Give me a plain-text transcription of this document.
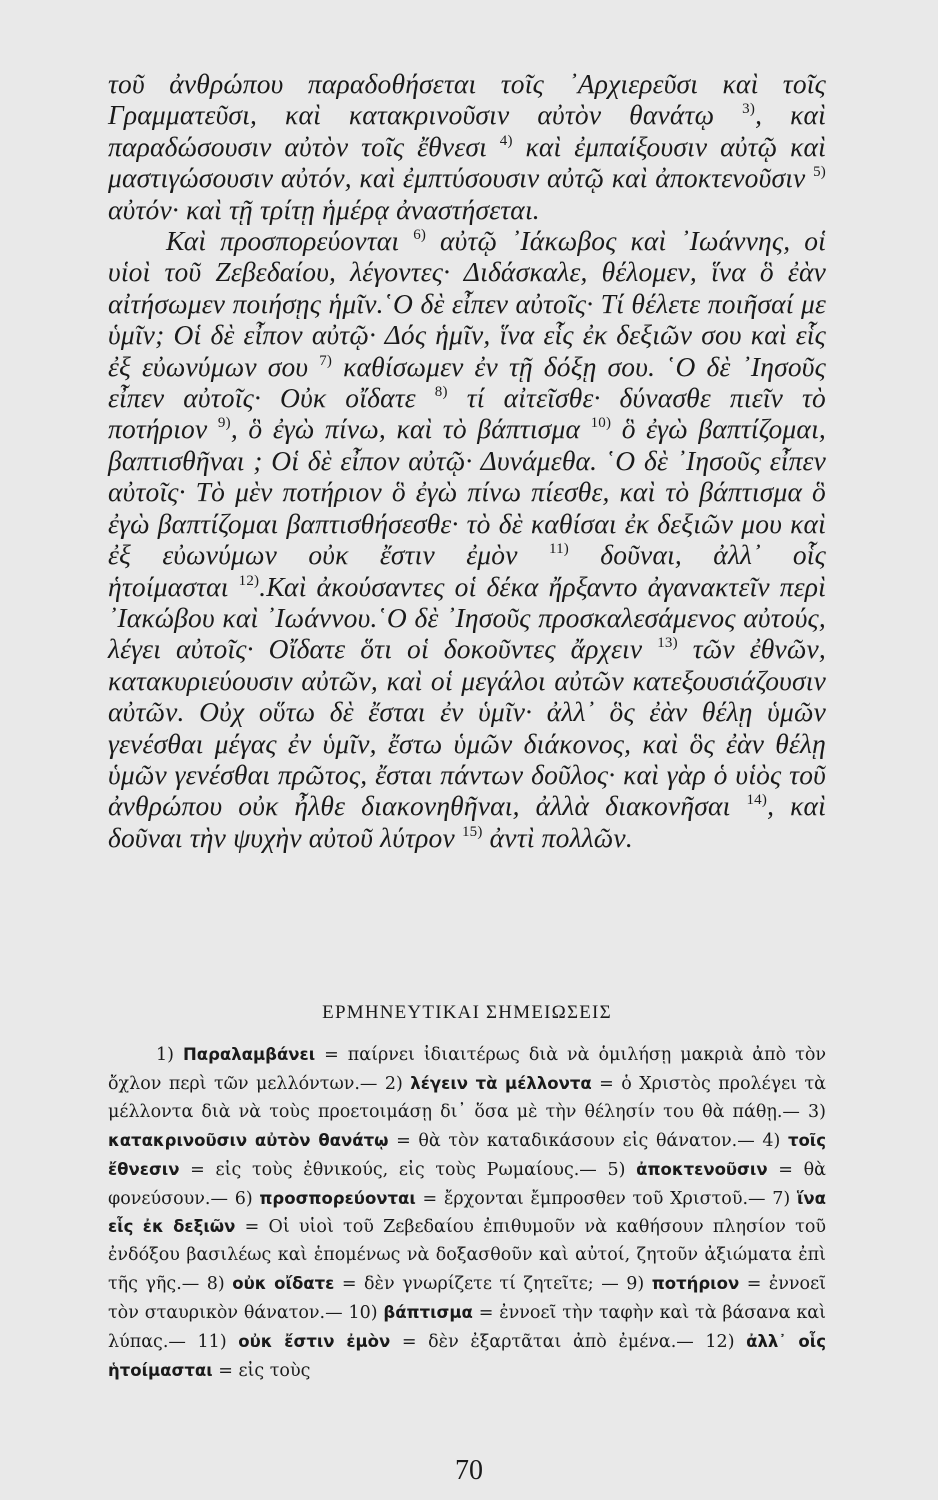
τοῦ ἀνθρώπου παραδοθήσεται τοῖς ᾿Αρχιερεῦσι καὶ τοῖς Γραμματεῦσι, καὶ κατακρινοῦσιν αὐτὸν θανάτῳ $^{3)}$, καὶ παραδώσουσιν αὐτὸν τοῖς ἔθνεσι $^{4)}$ καὶ ἐμπαίξουσιν αὐτῷ καὶ μαστιγώσουσιν αὐτόν, καὶ ἐμπτύσουσιν αὐτῷ καὶ ἀποκτενοῦσιν $^{5)}$ αὐτόν· καὶ τῇ τρίτῃ ἡμέρᾳ ἀναστήσεται.

Καὶ προσπορεύονται $^{6)}$ αὐτῷ ᾿Ιάκωβος καὶ ᾿Ιωάννης, οἱ υἱοὶ τοῦ Ζεβεδαίου, λέγοντες· Διδάσκαλε, θέλομεν, ἵνα ὃ ἐὰν αἰτήσωμεν ποιήσῃς ἡμῖν.῾Ο δὲ εἶπεν αὐτοῖς· Τί θέλετε ποιῆσαί με ὑμῖν; Οἱ δὲ εἶπον αὐτῷ· Δός ἡμῖν, ἵνα εἷς ἐκ δεξιῶν σου καὶ εἷς ἐξ εὐωνύμων σου $^{7)}$ καθίσωμεν ἐν τῇ δόξῃ σου. ῾Ο δὲ ᾿Ιησοῦς εἶπεν αὐτοῖς· Οὐκ οἴδατε $^{8)}$ τί αἰτεῖσθε· δύνασθε πιεῖν τὸ ποτήριον $^{9)}$, ὃ ἐγὼ πίνω, καὶ τὸ βάπτισμα $^{10)}$ ὃ ἐγὼ βαπτίζομαι, βαπτισθῆναι ; Οἱ δὲ εἶπον αὐτῷ· Δυνάμεθα. ῾Ο δὲ ᾿Ιησοῦς εἶπεν αὐτοῖς· Τὸ μὲν ποτήριον ὃ ἐγὼ πίνω πίεσθε, καὶ τὸ βάπτισμα ὃ ἐγὼ βαπτίζομαι βαπτισθήσεσθε· τὸ δὲ καθίσαι ἐκ δεξιῶν μου καὶ ἐξ εὐωνύμων οὐκ ἔστιν ἐμὸν $^{11)}$ δοῦναι, ἀλλ᾿ οἷς ἡτοίμασται $^{12)}$.Καὶ ἀκούσαντες οἱ δέκα ἤρξαντο ἀγανακτεῖν περὶ ᾿Ιακώβου καὶ ᾿Ιωάννου.῾Ο δὲ ᾿Ιησοῦς προσκαλεσάμενος αὐτούς, λέγει αὐτοῖς· Οἴδατε ὅτι οἱ δοκοῦντες ἄρχειν $^{13)}$ τῶν ἐθνῶν, κατακυριεύουσιν αὐτῶν, καὶ οἱ μεγάλοι αὐτῶν κατεξουσιάζουσιν αὐτῶν. Οὐχ οὕτω δὲ ἔσται ἐν ὑμῖν· ἀλλ᾿ ὃς ἐὰν θέλῃ ὑμῶν γενέσθαι μέγας ἐν ὑμῖν, ἔστω ὑμῶν διάκονος, καὶ ὃς ἐὰν θέλῃ ὑμῶν γενέσθαι πρῶτος, ἔσται πάντων δοῦλος· καὶ γὰρ ὁ υἱὸς τοῦ ἀνθρώπου οὐκ ἦλθε διακονηθῆναι, ἀλλὰ διακονῆσαι $^{14)}$, καὶ δοῦναι τὴν ψυχὴν αὐτοῦ λύτρον $^{15)}$ ἀντὶ πολλῶν.

ΕΡΜΗΝΕΥΤΙΚΑΙ ΣΗΜΕΙΩΣΕΙΣ

1) Παραλαμβάνει = παίρνει ἰδιαιτέρως διὰ νὰ ὁμιλήσῃ μακριὰ ἀπὸ τὸν ὄχλον περὶ τῶν μελλόντων.— 2) λέγειν τὰ μέλλοντα = ὁ Χριστὸς προλέγει τὰ μέλλοντα διὰ νὰ τοὺς προετοιμάσῃ δι᾿ ὅσα μὲ τὴν θέλησίν του θὰ πάθῃ.— 3) κατακρινοῦσιν αὐτὸν θανάτῳ = θὰ τὸν καταδικάσουν εἰς θάνατον.— 4) τοῖς ἔθνεσιν = εἰς τοὺς ἐθνικούς, εἰς τοὺς Ρωμαίους.— 5) ἀποκτενοῦσιν = θὰ φονεύσουν.— 6) προσπορεύονται = ἔρχονται ἔμπροσθεν τοῦ Χριστοῦ.— 7) ἵνα εἷς ἐκ δεξιῶν = Οἱ υἱοὶ τοῦ Ζεβεδαίου ἐπιθυμοῦν νὰ καθήσουν πλησίον τοῦ ἐνδόξου βασιλέως καὶ ἑπομένως νὰ δοξασθοῦν καὶ αὐτοί, ζητοῦν ἀξιώματα ἐπὶ τῆς γῆς.— 8) οὐκ οἴδατε = δὲν γνωρίζετε τί ζητεῖτε; — 9) ποτήριον = ἐννοεῖ τὸν σταυρικὸν θάνατον.— 10) βάπτισμα = ἐννοεῖ τὴν ταφὴν καὶ τὰ βάσανα καὶ λύπας.— 11) οὐκ ἔστιν ἐμὸν = δὲν ἐξαρτᾶται ἀπὸ ἐμένα.— 12) ἀλλ᾿ οἷς ἡτοίμασται = εἰς τοὺς

70
